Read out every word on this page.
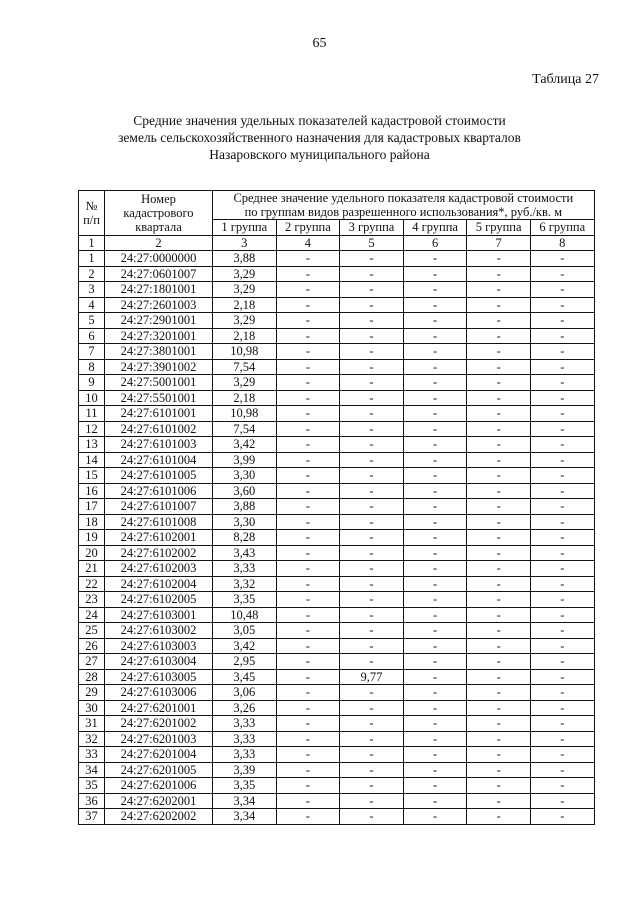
65
Таблица 27
Средние значения удельных показателей кадастровой стоимости
земель сельскохозяйственного назначения для кадастровых кварталов
Назаровского муниципального района
№
п/п	Номер
кадастрового
квартала	Среднее значение удельного показателя кадастровой стоимости
по группам видов разрешенного использования*, руб./кв. м					
		1 группа	2 группа	3 группа	4 группа	5 группа	6 группа
1	2	3	4	5	6	7	8
1	24:27:0000000	3,88	-	-	-	-	-
2	24:27:0601007	3,29	-	-	-	-	-
3	24:27:1801001	3,29	-	-	-	-	-
4	24:27:2601003	2,18	-	-	-	-	-
5	24:27:2901001	3,29	-	-	-	-	-
6	24:27:3201001	2,18	-	-	-	-	-
7	24:27:3801001	10,98	-	-	-	-	-
8	24:27:3901002	7,54	-	-	-	-	-
9	24:27:5001001	3,29	-	-	-	-	-
10	24:27:5501001	2,18	-	-	-	-	-
11	24:27:6101001	10,98	-	-	-	-	-
12	24:27:6101002	7,54	-	-	-	-	-
13	24:27:6101003	3,42	-	-	-	-	-
14	24:27:6101004	3,99	-	-	-	-	-
15	24:27:6101005	3,30	-	-	-	-	-
16	24:27:6101006	3,60	-	-	-	-	-
17	24:27:6101007	3,88	-	-	-	-	-
18	24:27:6101008	3,30	-	-	-	-	-
19	24:27:6102001	8,28	-	-	-	-	-
20	24:27:6102002	3,43	-	-	-	-	-
21	24:27:6102003	3,33	-	-	-	-	-
22	24:27:6102004	3,32	-	-	-	-	-
23	24:27:6102005	3,35	-	-	-	-	-
24	24:27:6103001	10,48	-	-	-	-	-
25	24:27:6103002	3,05	-	-	-	-	-
26	24:27:6103003	3,42	-	-	-	-	-
27	24:27:6103004	2,95	-	-	-	-	-
28	24:27:6103005	3,45	-	9,77	-	-	-
29	24:27:6103006	3,06	-	-	-	-	-
30	24:27:6201001	3,26	-	-	-	-	-
31	24:27:6201002	3,33	-	-	-	-	-
32	24:27:6201003	3,33	-	-	-	-	-
33	24:27:6201004	3,33	-	-	-	-	-
34	24:27:6201005	3,39	-	-	-	-	-
35	24:27:6201006	3,35	-	-	-	-	-
36	24:27:6202001	3,34	-	-	-	-	-
37	24:27:6202002	3,34	-	-	-	-	-
